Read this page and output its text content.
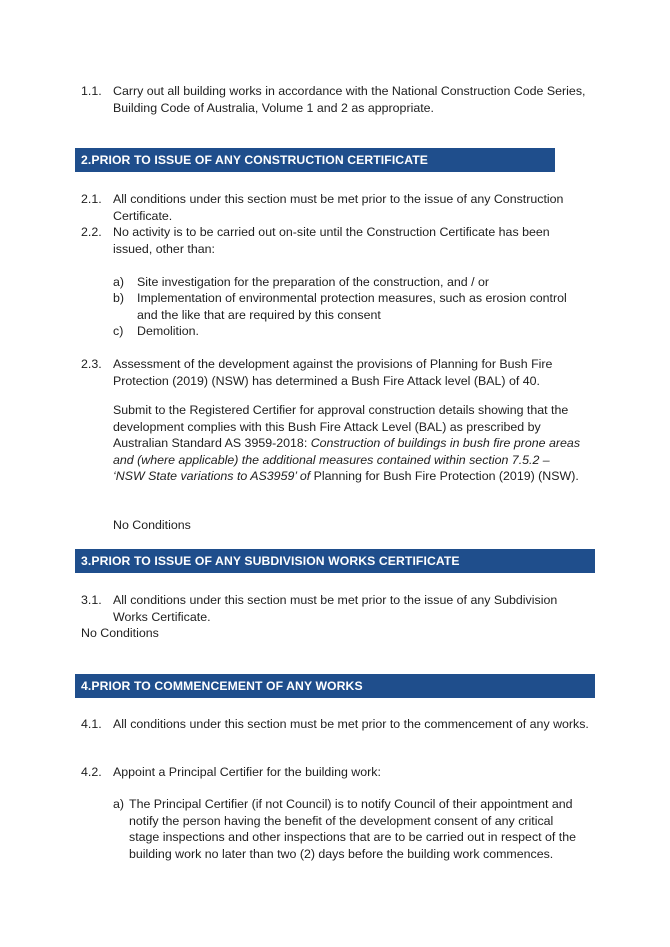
1.1. Carry out all building works in accordance with the National Construction Code Series, Building Code of Australia, Volume 1 and 2 as appropriate.
2.PRIOR TO ISSUE OF ANY CONSTRUCTION CERTIFICATE
2.1. All conditions under this section must be met prior to the issue of any Construction Certificate.
2.2. No activity is to be carried out on-site until the Construction Certificate has been issued, other than:
a) Site investigation for the preparation of the construction, and / or
b) Implementation of environmental protection measures, such as erosion control and the like that are required by this consent
c) Demolition.
2.3. Assessment of the development against the provisions of Planning for Bush Fire Protection (2019) (NSW) has determined a Bush Fire Attack level (BAL) of 40.
Submit to the Registered Certifier for approval construction details showing that the development complies with this Bush Fire Attack Level (BAL) as prescribed by Australian Standard AS 3959-2018: Construction of buildings in bush fire prone areas and (where applicable) the additional measures contained within section 7.5.2 – ‘NSW State variations to AS3959’ of Planning for Bush Fire Protection (2019) (NSW).
No Conditions
3.PRIOR TO ISSUE OF ANY SUBDIVISION WORKS CERTIFICATE
3.1. All conditions under this section must be met prior to the issue of any Subdivision Works Certificate.
No Conditions
4.PRIOR TO COMMENCEMENT OF ANY WORKS
4.1. All conditions under this section must be met prior to the commencement of any works.
4.2. Appoint a Principal Certifier for the building work:
a) The Principal Certifier (if not Council) is to notify Council of their appointment and notify the person having the benefit of the development consent of any critical stage inspections and other inspections that are to be carried out in respect of the building work no later than two (2) days before the building work commences.
